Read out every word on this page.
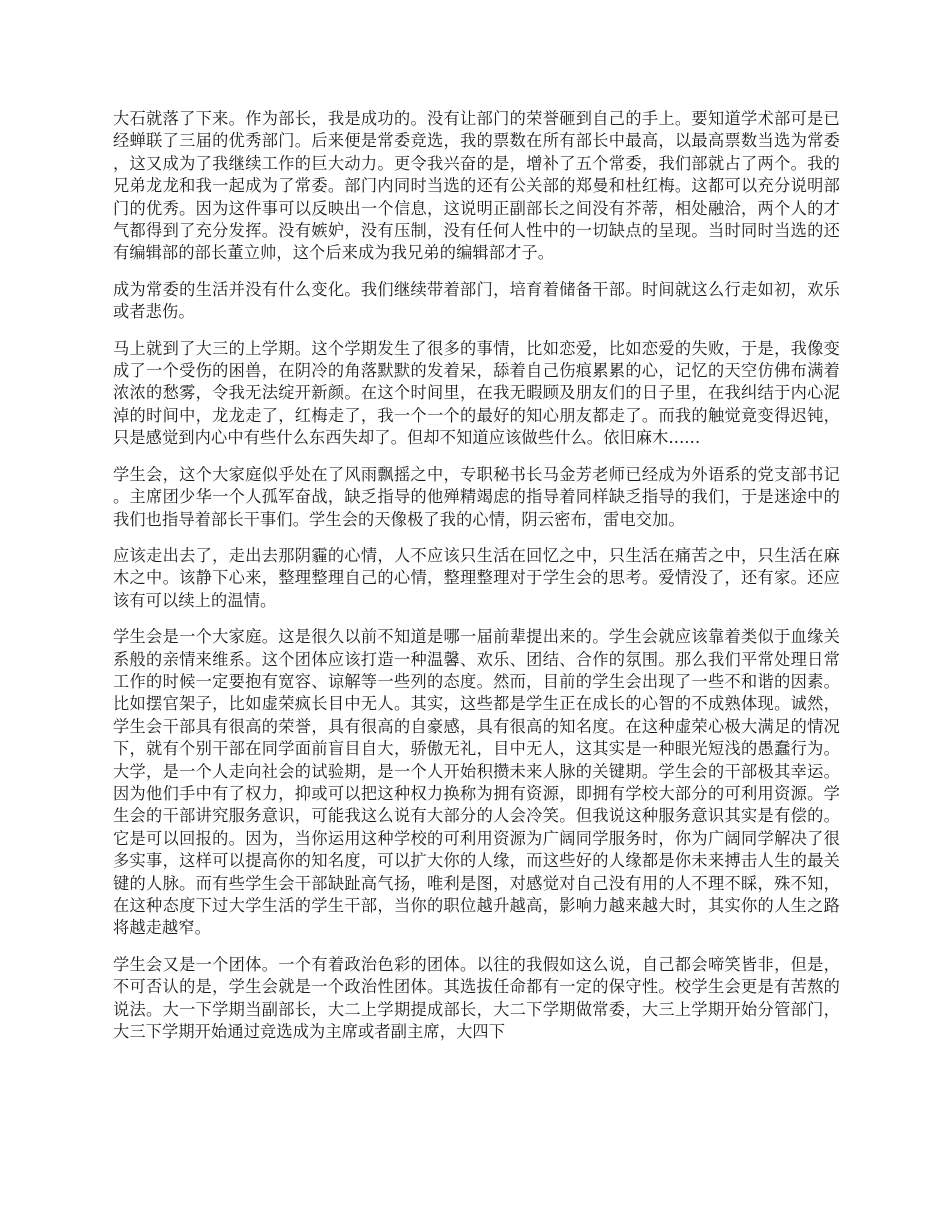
大石就落了下来。作为部长，我是成功的。没有让部门的荣誉砸到自己的手上。要知道学术部可是已经蝉联了三届的优秀部门。后来便是常委竞选，我的票数在所有部长中最高，以最高票数当选为常委，这又成为了我继续工作的巨大动力。更令我兴奋的是，增补了五个常委，我们部就占了两个。我的兄弟龙龙和我一起成为了常委。部门内同时当选的还有公关部的郑曼和杜红梅。这都可以充分说明部门的优秀。因为这件事可以反映出一个信息，这说明正副部长之间没有芥蒂，相处融洽，两个人的才气都得到了充分发挥。没有嫉妒，没有压制，没有任何人性中的一切缺点的呈现。当时同时当选的还有编辑部的部长董立帅，这个后来成为我兄弟的编辑部才子。

成为常委的生活并没有什么变化。我们继续带着部门，培育着储备干部。时间就这么行走如初，欢乐或者悲伤。

马上就到了大三的上学期。这个学期发生了很多的事情，比如恋爱，比如恋爱的失败，于是，我像变成了一个受伤的困兽，在阴冷的角落默默的发着呆，舔着自己伤痕累累的心，记忆的天空仿佛布满着浓浓的愁雾，令我无法绽开新颜。在这个时间里，在我无暇顾及朋友们的日子里，在我纠结于内心泥淖的时间中，龙龙走了，红梅走了，我一个一个的最好的知心朋友都走了。而我的触觉竟变得迟钝，只是感觉到内心中有些什么东西失却了。但却不知道应该做些什么。依旧麻木......

学生会，这个大家庭似乎处在了风雨飘摇之中，专职秘书长马金芳老师已经成为外语系的党支部书记。主席团少华一个人孤军奋战，缺乏指导的他殚精竭虑的指导着同样缺乏指导的我们，于是迷途中的我们也指导着部长干事们。学生会的天像极了我的心情，阴云密布，雷电交加。

应该走出去了，走出去那阴霾的心情，人不应该只生活在回忆之中，只生活在痛苦之中，只生活在麻木之中。该静下心来，整理整理自己的心情，整理整理对于学生会的思考。爱情没了，还有家。还应该有可以续上的温情。

学生会是一个大家庭。这是很久以前不知道是哪一届前辈提出来的。学生会就应该靠着类似于血缘关系般的亲情来维系。这个团体应该打造一种温馨、欢乐、团结、合作的氛围。那么我们平常处理日常工作的时候一定要抱有宽容、谅解等一些列的态度。然而，目前的学生会出现了一些不和谐的因素。比如摆官架子，比如虚荣疯长目中无人。其实，这些都是学生正在成长的心智的不成熟体现。诚然，学生会干部具有很高的荣誉，具有很高的自豪感，具有很高的知名度。在这种虚荣心极大满足的情况下，就有个别干部在同学面前盲目自大，骄傲无礼，目中无人，这其实是一种眼光短浅的愚蠢行为。大学，是一个人走向社会的试验期，是一个人开始积攒未来人脉的关键期。学生会的干部极其幸运。因为他们手中有了权力，抑或可以把这种权力换称为拥有资源，即拥有学校大部分的可利用资源。学生会的干部讲究服务意识，可能我这么说有大部分的人会冷笑。但我说这种服务意识其实是有偿的。它是可以回报的。因为，当你运用这种学校的可利用资源为广阔同学服务时，你为广阔同学解决了很多实事，这样可以提高你的知名度，可以扩大你的人缘，而这些好的人缘都是你未来搏击人生的最关键的人脉。而有些学生会干部缺趾高气扬，唯利是图，对感觉对自己没有用的人不理不睬，殊不知，在这种态度下过大学生活的学生干部，当你的职位越升越高，影响力越来越大时，其实你的人生之路将越走越窄。

学生会又是一个团体。一个有着政治色彩的团体。以往的我假如这么说，自己都会啼笑皆非，但是，不可否认的是，学生会就是一个政治性团体。其选拔任命都有一定的保守性。校学生会更是有苦熬的说法。大一下学期当副部长，大二上学期提成部长，大二下学期做常委，大三上学期开始分管部门，大三下学期开始通过竞选成为主席或者副主席，大四下
